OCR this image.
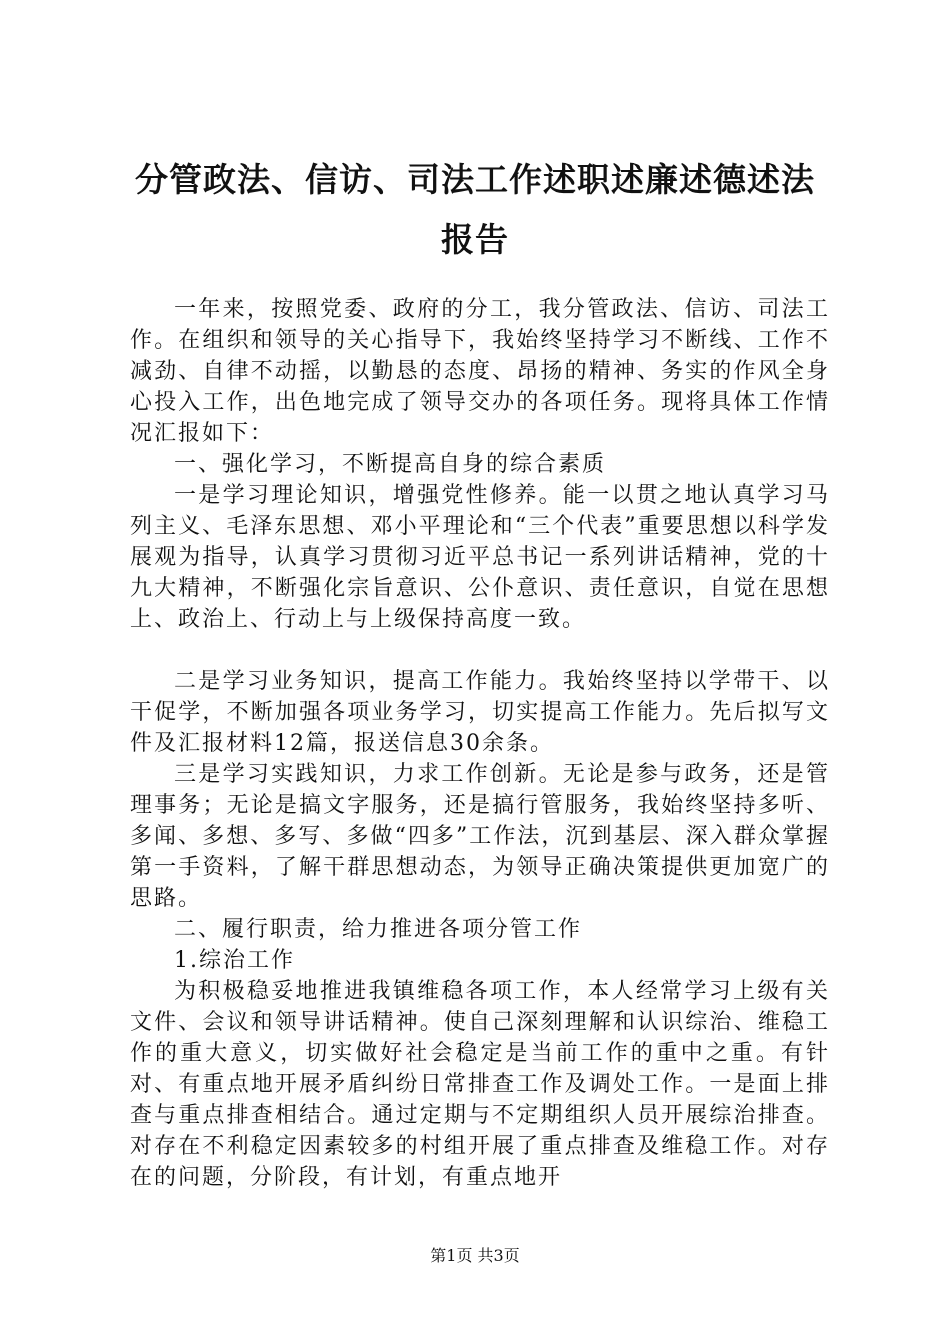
分管政法、信访、司法工作述职述廉述德述法
报告

一年来，按照党委、政府的分工，我分管政法、信访、司法工作。在组织和领导的关心指导下，我始终坚持学习不断线、工作不减劲、自律不动摇，以勤恳的态度、昂扬的精神、务实的作风全身心投入工作，出色地完成了领导交办的各项任务。现将具体工作情况汇报如下：

一、强化学习，不断提高自身的综合素质

一是学习理论知识，增强党性修养。能一以贯之地认真学习马列主义、毛泽东思想、邓小平理论和“三个代表”重要思想以科学发展观为指导，认真学习贯彻习近平总书记一系列讲话精神，党的十九大精神，不断强化宗旨意识、公仆意识、责任意识，自觉在思想上、政治上、行动上与上级保持高度一致。

二是学习业务知识，提高工作能力。我始终坚持以学带干、以干促学，不断加强各项业务学习，切实提高工作能力。先后拟写文件及汇报材料12篇，报送信息30余条。

三是学习实践知识，力求工作创新。无论是参与政务，还是管理事务；无论是搞文字服务，还是搞行管服务，我始终坚持多听、多闻、多想、多写、多做“四多”工作法，沉到基层、深入群众掌握第一手资料，了解干群思想动态，为领导正确决策提供更加宽广的思路。

二、履行职责，给力推进各项分管工作

1.综治工作

为积极稳妥地推进我镇维稳各项工作，本人经常学习上级有关文件、会议和领导讲话精神。使自己深刻理解和认识综治、维稳工作的重大意义，切实做好社会稳定是当前工作的重中之重。有针对、有重点地开展矛盾纠纷日常排查工作及调处工作。一是面上排查与重点排查相结合。通过定期与不定期组织人员开展综治排查。对存在不利稳定因素较多的村组开展了重点排查及维稳工作。对存在的问题，分阶段，有计划，有重点地开

第1页 共3页
